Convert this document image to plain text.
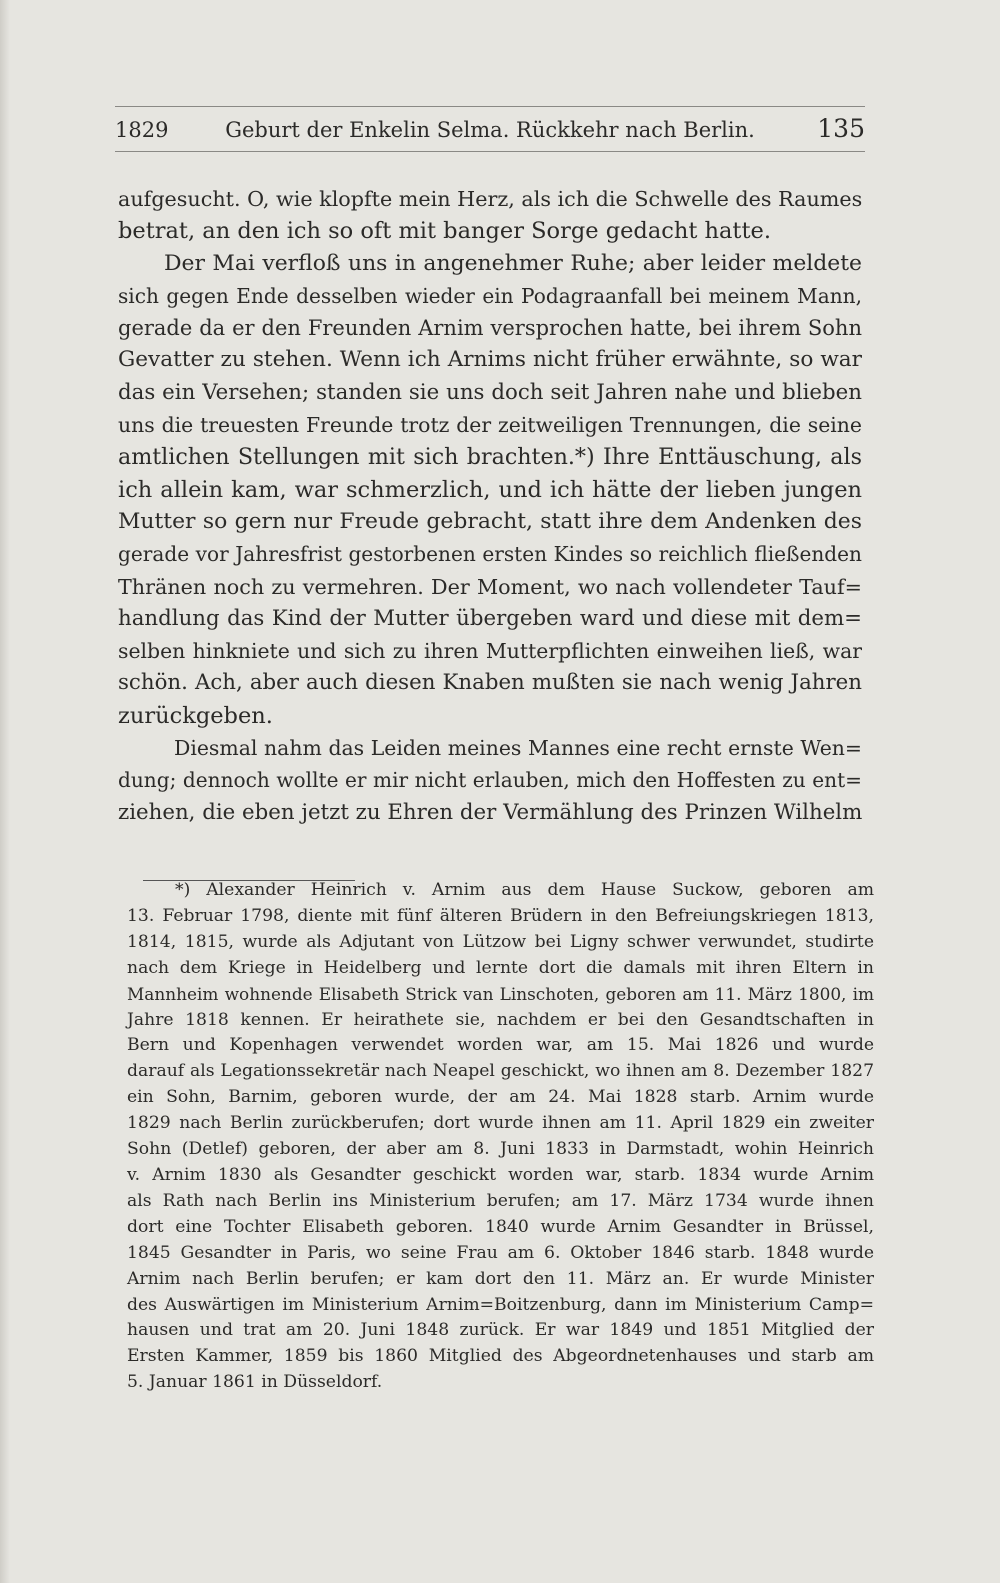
1829	Geburt der Enkelin Selma. Rückkehr nach Berlin.	135
aufgesucht. O, wie klopfte mein Herz, als ich die Schwelle des Raumes
betrat, an den ich so oft mit banger Sorge gedacht hatte.
Der Mai verfloß uns in angenehmer Ruhe; aber leider meldete
sich gegen Ende desselben wieder ein Podagraanfall bei meinem Mann,
gerade da er den Freunden Arnim versprochen hatte, bei ihrem Sohn
Gevatter zu stehen. Wenn ich Arnims nicht früher erwähnte, so war
das ein Versehen; standen sie uns doch seit Jahren nahe und blieben
uns die treuesten Freunde trotz der zeitweiligen Trennungen, die seine
amtlichen Stellungen mit sich brachten.*) Ihre Enttäuschung, als
ich allein kam, war schmerzlich, und ich hätte der lieben jungen
Mutter so gern nur Freude gebracht, statt ihre dem Andenken des
gerade vor Jahresfrist gestorbenen ersten Kindes so reichlich fließenden
Thränen noch zu vermehren. Der Moment, wo nach vollendeter Tauf=
handlung das Kind der Mutter übergeben ward und diese mit dem=
selben hinkniete und sich zu ihren Mutterpflichten einweihen ließ, war
schön. Ach, aber auch diesen Knaben mußten sie nach wenig Jahren
zurückgeben.
Diesmal nahm das Leiden meines Mannes eine recht ernste Wen=
dung; dennoch wollte er mir nicht erlauben, mich den Hoffesten zu ent=
ziehen, die eben jetzt zu Ehren der Vermählung des Prinzen Wilhelm
*) Alexander Heinrich v. Arnim aus dem Hause Suckow, geboren am
13. Februar 1798, diente mit fünf älteren Brüdern in den Befreiungskriegen 1813,
1814, 1815, wurde als Adjutant von Lützow bei Ligny schwer verwundet, studirte
nach dem Kriege in Heidelberg und lernte dort die damals mit ihren Eltern in
Mannheim wohnende Elisabeth Strick van Linschoten, geboren am 11. März 1800, im
Jahre 1818 kennen. Er heirathete sie, nachdem er bei den Gesandtschaften in
Bern und Kopenhagen verwendet worden war, am 15. Mai 1826 und wurde
darauf als Legationssekretär nach Neapel geschickt, wo ihnen am 8. Dezember 1827
ein Sohn, Barnim, geboren wurde, der am 24. Mai 1828 starb. Arnim wurde
1829 nach Berlin zurückberufen; dort wurde ihnen am 11. April 1829 ein zweiter
Sohn (Detlef) geboren, der aber am 8. Juni 1833 in Darmstadt, wohin Heinrich
v. Arnim 1830 als Gesandter geschickt worden war, starb. 1834 wurde Arnim
als Rath nach Berlin ins Ministerium berufen; am 17. März 1734 wurde ihnen
dort eine Tochter Elisabeth geboren. 1840 wurde Arnim Gesandter in Brüssel,
1845 Gesandter in Paris, wo seine Frau am 6. Oktober 1846 starb. 1848 wurde
Arnim nach Berlin berufen; er kam dort den 11. März an. Er wurde Minister
des Auswärtigen im Ministerium Arnim=Boitzenburg, dann im Ministerium Camp=
hausen und trat am 20. Juni 1848 zurück. Er war 1849 und 1851 Mitglied der
Ersten Kammer, 1859 bis 1860 Mitglied des Abgeordnetenhauses und starb am
5. Januar 1861 in Düsseldorf.
